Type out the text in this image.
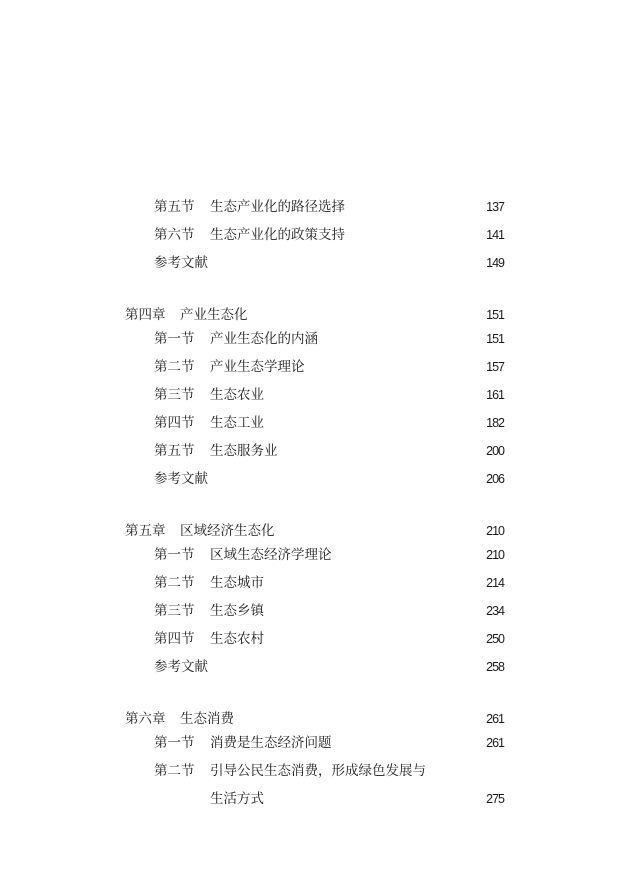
第五节 生态产业化的路径选择	137
第六节 生态产业化的政策支持	141
参考文献	149
第四章 产业生态化	151
第一节 产业生态化的内涵	151
第二节 产业生态学理论	157
第三节 生态农业	161
第四节 生态工业	182
第五节 生态服务业	200
参考文献	206
第五章 区域经济生态化	210
第一节 区域生态经济学理论	210
第二节 生态城市	214
第三节 生态乡镇	234
第四节 生态农村	250
参考文献	258
第六章 生态消费	261
第一节 消费是生态经济问题	261
第二节 引导公民生态消费，形成绿色发展与
生活方式	275
